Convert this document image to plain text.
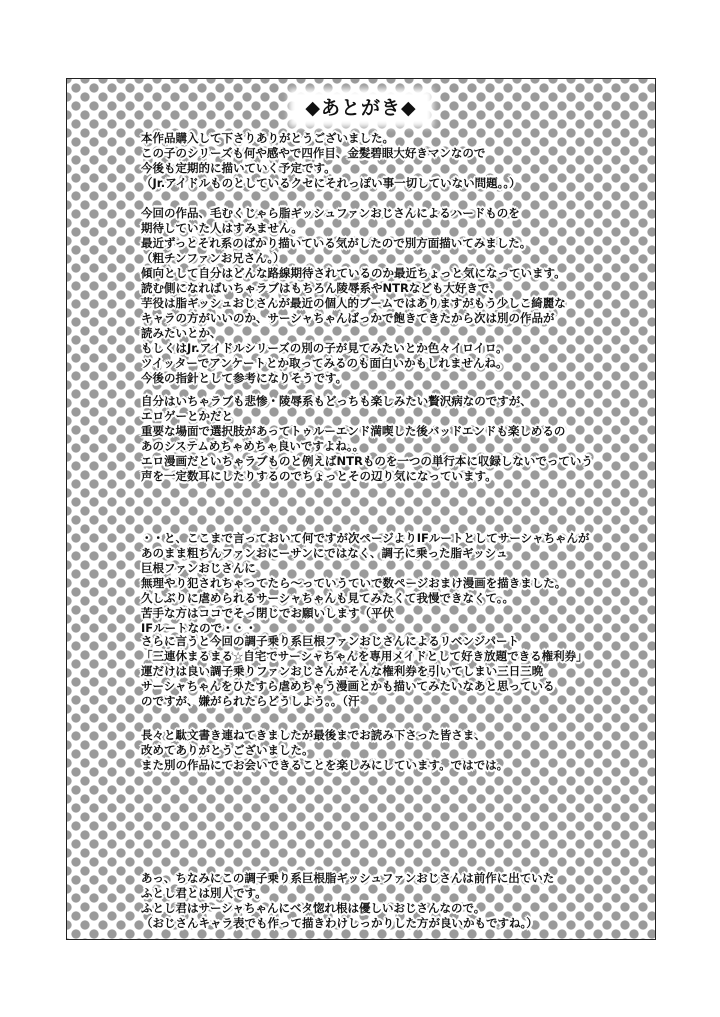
◆あとがき◆
本作品購入して下さりありがとうございました。
この子のシリーズも何や感やで四作目、金髪碧眼大好きマンなので
今後も定期的に描いていく予定です。
（Jr.アイドルものとしているクセにそれっぽい事一切していない問題。。）
今回の作品、毛むくじゃら脂ギッシュファンおじさんによるハードものを
期待していた人はすみません。
最近ずっとそれ系のばかり描いている気がしたので別方面描いてみました。
（粗チンファンお兄さん。）
傾向として自分はどんな路線期待されているのか最近ちょっと気になっています。
読む側になればいちゃラブはもちろん陵辱系やNTRなども大好きで、
芋役は脂ギッシュおじさんが最近の個人的ブームではありますがもう少しこ綺麗な
キャラの方がいいのか、サーシャちゃんばっかで飽きてきたから次は別の作品が
読みたいとか、
もしくはJr.アイドルシリーズの別の子が見てみたいとか色々イロイロ。
ツイッターでアンケートとか取ってみるのも面白いかもしれませんね。
今後の指針として参考になりそうです。
自分はいちゃラブも悲惨・陵辱系もどっちも楽しみたい贅沢病なのですが、
エロゲーとかだと
重要な場面で選択肢があってトゥルーエンド満喫した後バッドエンドも楽しめるの
あのシステムめちゃめちゃ良いですよね。。
エロ漫画だといちゃラブものと例えばNTRものを一つの単行本に収録しないでっていう
声を一定数耳にしたりするのでちょっとその辺り気になっています。
・・と、ここまで言っておいて何ですが次ページよりIFルートとしてサーシャちゃんが
あのまま粗ちんファンおにーサンにではなく、調子に乗った脂ギッシュ
巨根ファンおじさんに
無理やり犯されちゃってたら〜っていうていで数ページおまけ漫画を描きました。
久しぶりに虐められるサーシャちゃんも見てみたくて我慢できなくて。。
苦手な方はココでそっ閉じでお願いします（平伏
IFルートなので・・・
さらに言うと今回の調子乗り系巨根ファンおじさんによるリベンジパート
「三連休まるまる☆自宅でサーシャちゃんを専用メイドとして好き放題できる権利券」
運だけは良い調子乗りファンおじさんがそんな権利券を引いてしまい三日三晩
サーシャちゃんをひたすら虐めちゃう漫画とかも描いてみたいなあと思っている
のですが、嫌がられたらどうしよう。。（汗
長々と駄文書き連ねてきましたが最後までお読み下さった皆さま、
改めてありがとうございました。
また別の作品にてお会いできることを楽しみにしています。ではでは。
あっ、ちなみにこの調子乗り系巨根脂ギッシュファンおじさんは前作に出ていた
ふとし君とは別人です。
ふとし君はサーシャちゃんにベタ惚れ根は優しいおじさんなので。
（おじさんキャラ表でも作って描きわけしっかりした方が良いかもですね。）
